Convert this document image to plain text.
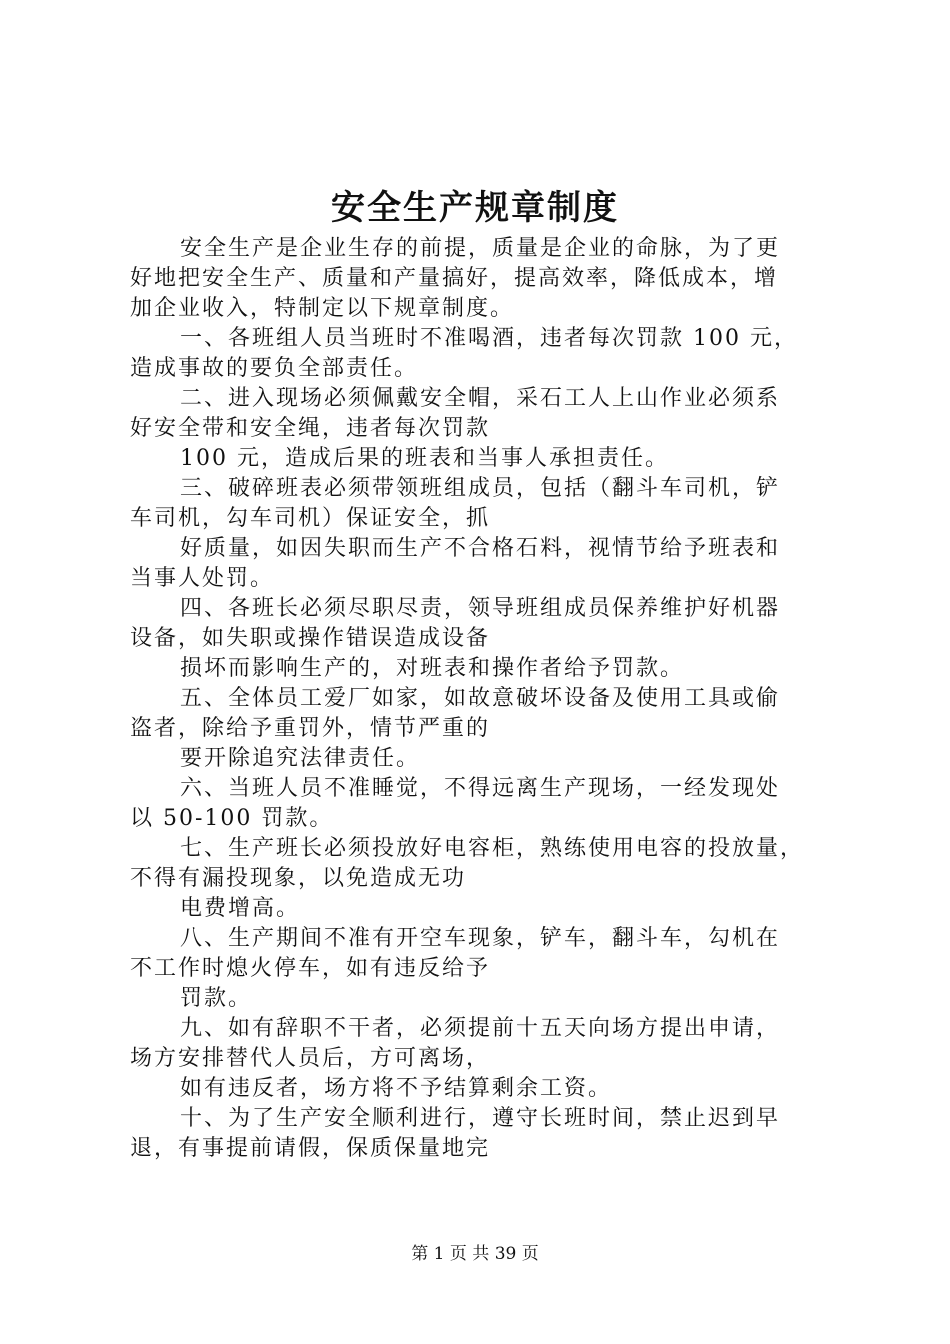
安全生产规章制度
安全生产是企业生存的前提，质量是企业的命脉，为了更
好地把安全生产、质量和产量搞好，提高效率，降低成本，增
加企业收入，特制定以下规章制度。
一、各班组人员当班时不准喝酒，违者每次罚款 100 元，
造成事故的要负全部责任。
二、进入现场必须佩戴安全帽，采石工人上山作业必须系
好安全带和安全绳，违者每次罚款
100 元，造成后果的班表和当事人承担责任。
三、破碎班表必须带领班组成员，包括（翻斗车司机，铲
车司机，勾车司机）保证安全，抓
好质量，如因失职而生产不合格石料，视情节给予班表和
当事人处罚。
四、各班长必须尽职尽责，领导班组成员保养维护好机器
设备，如失职或操作错误造成设备
损坏而影响生产的，对班表和操作者给予罚款。
五、全体员工爱厂如家，如故意破坏设备及使用工具或偷
盗者，除给予重罚外，情节严重的
要开除追究法律责任。
六、当班人员不准睡觉，不得远离生产现场，一经发现处
以 50-100 罚款。
七、生产班长必须投放好电容柜，熟练使用电容的投放量，
不得有漏投现象，以免造成无功
电费增高。
八、生产期间不准有开空车现象，铲车，翻斗车，勾机在
不工作时熄火停车，如有违反给予
罚款。
九、如有辞职不干者，必须提前十五天向场方提出申请，
场方安排替代人员后，方可离场，
如有违反者，场方将不予结算剩余工资。
十、为了生产安全顺利进行，遵守长班时间，禁止迟到早
退，有事提前请假，保质保量地完
第 1 页 共 39 页
